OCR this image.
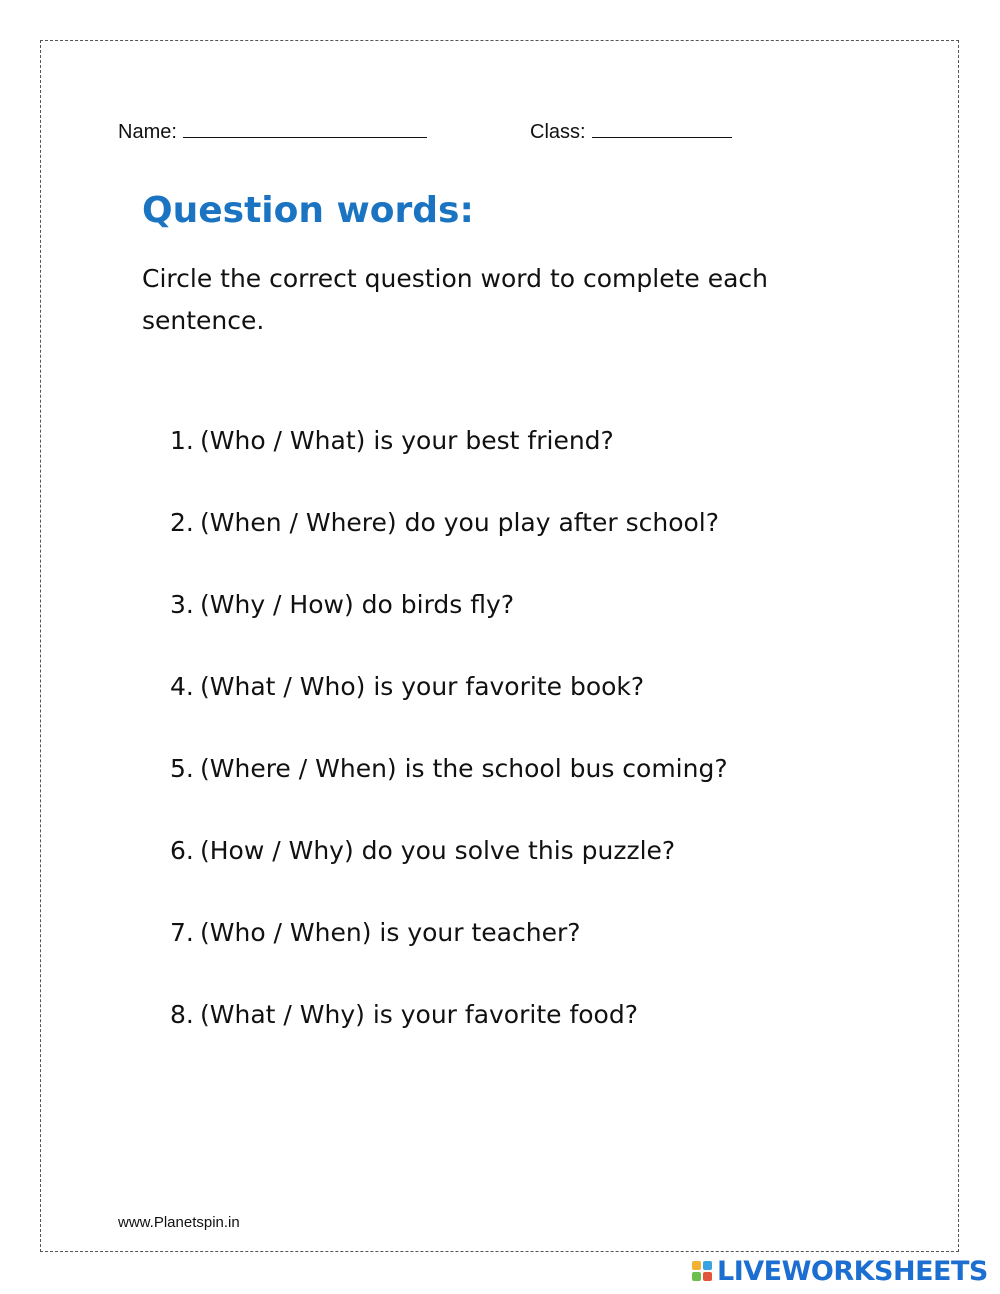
Name:	Class:
Question words:
Circle the correct question word to complete each sentence.
1. (Who / What) is your best friend?
2. (When / Where) do you play after school?
3. (Why / How) do birds fly?
4. (What / Who) is your favorite book?
5. (Where / When) is the school bus coming?
6. (How / Why) do you solve this puzzle?
7. (Who / When) is your teacher?
8. (What / Why) is your favorite food?
www.Planetspin.in
LIVEWORKSHEETS
